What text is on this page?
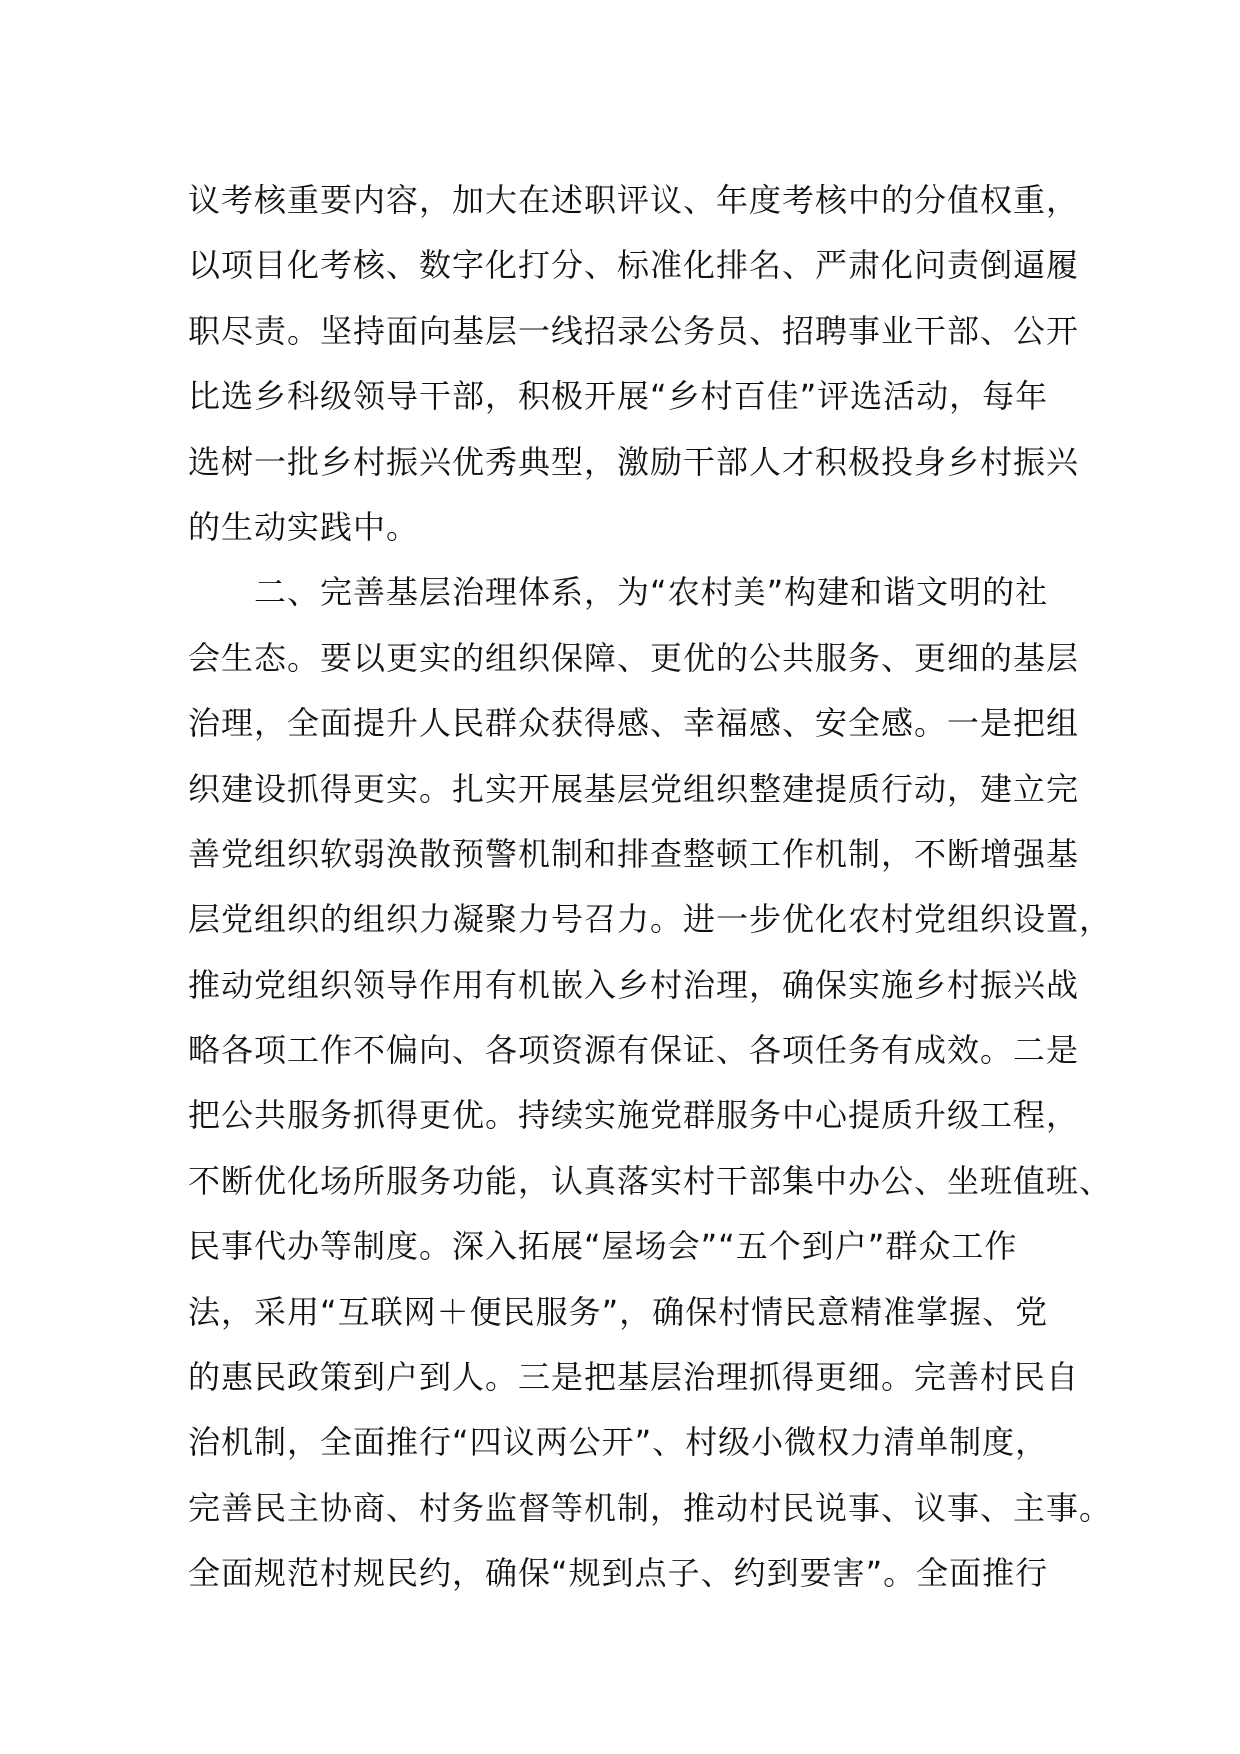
议考核重要内容，加大在述职评议、年度考核中的分值权重，
以项目化考核、数字化打分、标准化排名、严肃化问责倒逼履
职尽责。坚持面向基层一线招录公务员、招聘事业干部、公开
比选乡科级领导干部，积极开展“乡村百佳”评选活动，每年
选树一批乡村振兴优秀典型，激励干部人才积极投身乡村振兴
的生动实践中。
二、完善基层治理体系，为“农村美”构建和谐文明的社
会生态。要以更实的组织保障、更优的公共服务、更细的基层
治理，全面提升人民群众获得感、幸福感、安全感。一是把组
织建设抓得更实。扎实开展基层党组织整建提质行动，建立完
善党组织软弱涣散预警机制和排查整顿工作机制，不断增强基
层党组织的组织力凝聚力号召力。进一步优化农村党组织设置，
推动党组织领导作用有机嵌入乡村治理，确保实施乡村振兴战
略各项工作不偏向、各项资源有保证、各项任务有成效。二是
把公共服务抓得更优。持续实施党群服务中心提质升级工程，
不断优化场所服务功能，认真落实村干部集中办公、坐班值班、
民事代办等制度。深入拓展“屋场会”“五个到户”群众工作
法，采用“互联网＋便民服务”，确保村情民意精准掌握、党
的惠民政策到户到人。三是把基层治理抓得更细。完善村民自
治机制，全面推行“四议两公开”、村级小微权力清单制度，
完善民主协商、村务监督等机制，推动村民说事、议事、主事。
全面规范村规民约，确保“规到点子、约到要害”。全面推行
